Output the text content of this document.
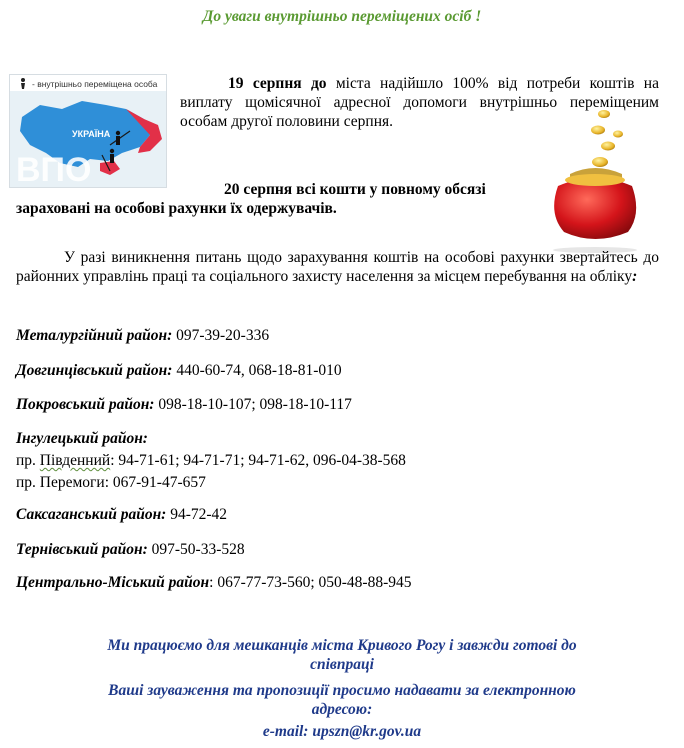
До уваги внутрішньо переміщених осіб !
ВПО
УКРАЇНА
- внутрішньо переміщена особа	19 серпня до міста надійшло 100% від потреби коштів на виплату щомісячної адресної допомоги внутрішньо переміщеним особам другої половини серпня.

20 серпня всі кошти у повному обсязі зараховані на особові рахунки їх одержувачів.

У разі виникнення питань щодо зарахування коштів на особові рахунки звертайтесь до районних управлінь праці та соціального захисту населення за місцем перебування на обліку:

Металургійний район: 097-39-20-336
Довгинцівський район: 440-60-74, 068-18-81-010
Покровський район: 098-18-10-107; 098-18-10-117
Інгулецький район:
пр. Південний: 94-71-61; 94-71-71; 94-71-62, 096-04-38-568
пр. Перемоги: 067-91-47-657
Саксаганський район: 94-72-42
Тернівський район: 097-50-33-528
Центрально-Міський район: 067-77-73-560; 050-48-88-945
Ми працюємо для мешканців міста Кривого Рогу і завжди готові до
співпраці
Ваші зауваження та пропозиції просимо надавати за електронною
адресою:
e-mail: upszn@kr.gov.ua
